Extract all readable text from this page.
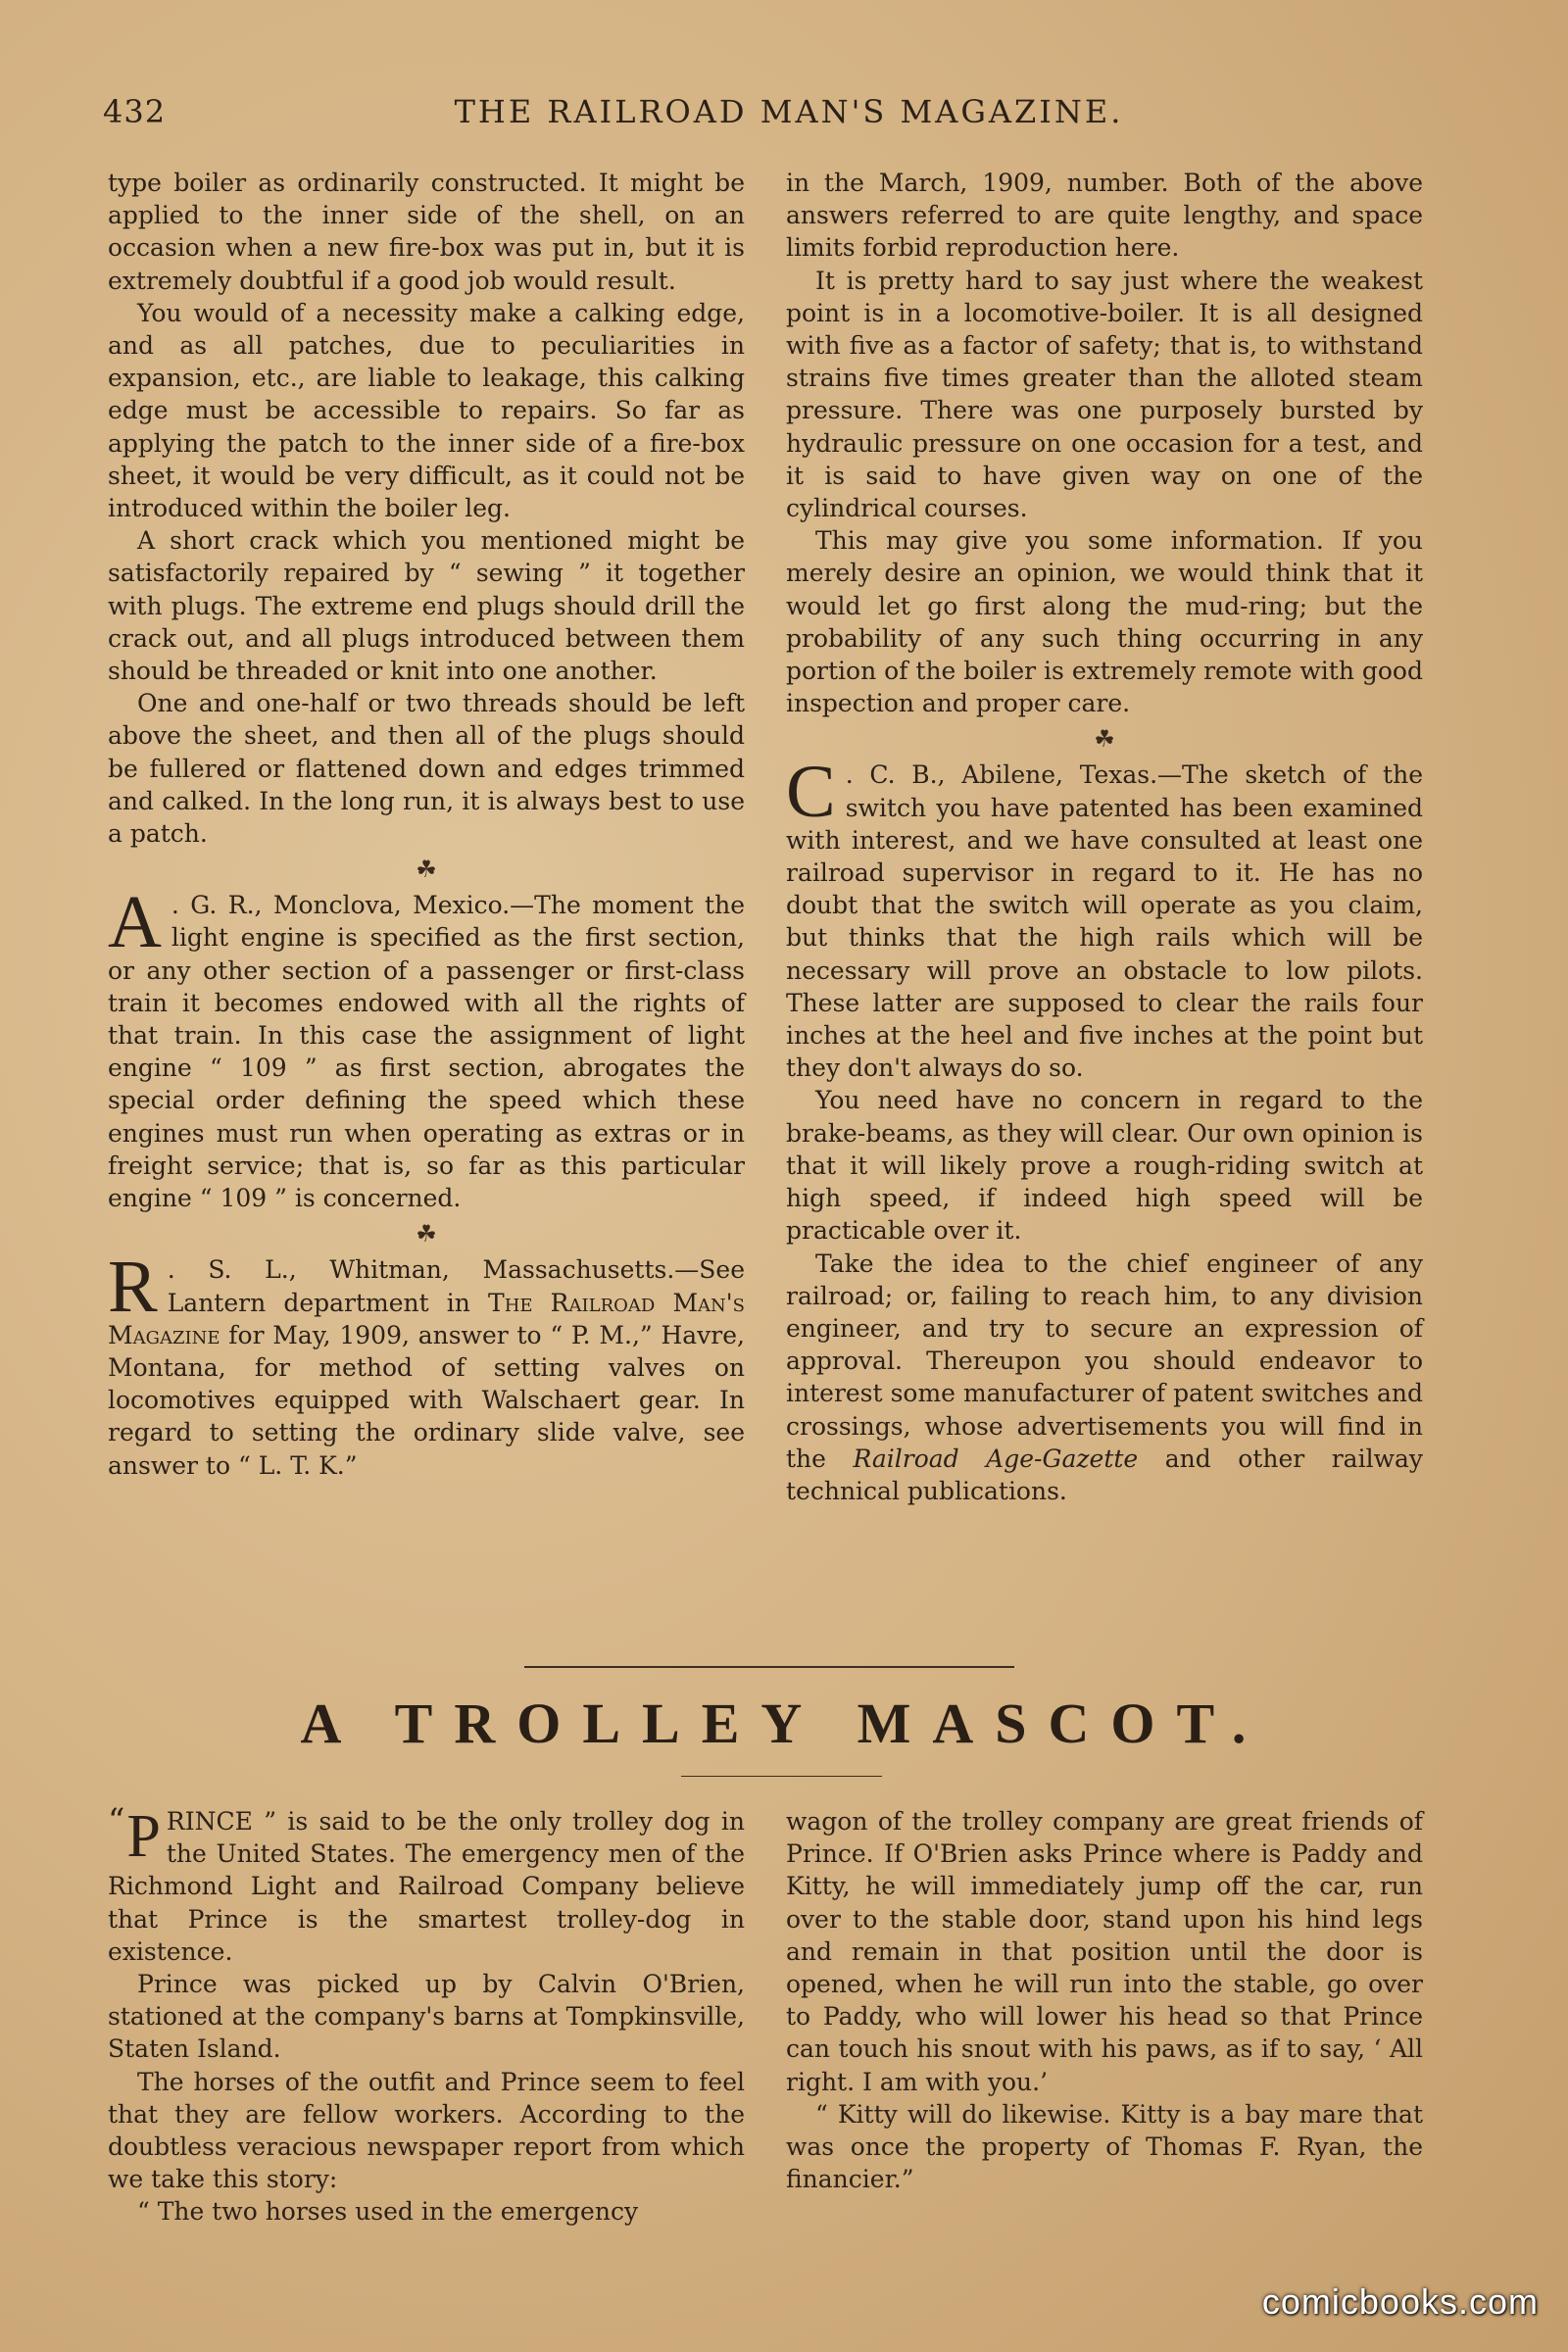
432	THE RAILROAD MAN'S MAGAZINE.

type boiler as ordinarily constructed. It might be applied to the inner side of the shell, on an occasion when a new fire-box was put in, but it is extremely doubtful if a good job would result.

You would of a necessity make a calking edge, and as all patches, due to peculiarities in expansion, etc., are liable to leakage, this calking edge must be accessible to repairs. So far as applying the patch to the inner side of a fire-box sheet, it would be very difficult, as it could not be introduced within the boiler leg.

A short crack which you mentioned might be satisfactorily repaired by “ sewing ” it together with plugs. The extreme end plugs should drill the crack out, and all plugs introduced between them should be threaded or knit into one another.

One and one-half or two threads should be left above the sheet, and then all of the plugs should be fullered or flattened down and edges trimmed and calked. In the long run, it is always best to use a patch.

☘

A . G. R., Monclova, Mexico.—The moment the light engine is specified as the first section, or any other section of a passenger or first-class train it becomes endowed with all the rights of that train. In this case the assignment of light engine “ 109 ” as first section, abrogates the special order defining the speed which these engines must run when operating as extras or in freight service; that is, so far as this particular engine “ 109 ” is concerned.

☘

R . S. L., Whitman, Massachusetts.—See Lantern department in The Railroad Man's Magazine for May, 1909, answer to “ P. M.,” Havre, Montana, for method of setting valves on locomotives equipped with Walschaert gear. In regard to setting the ordinary slide valve, see answer to “ L. T. K.”

in the March, 1909, number. Both of the above answers referred to are quite lengthy, and space limits forbid reproduction here.

It is pretty hard to say just where the weakest point is in a locomotive-boiler. It is all designed with five as a factor of safety; that is, to withstand strains five times greater than the alloted steam pressure. There was one purposely bursted by hydraulic pressure on one occasion for a test, and it is said to have given way on one of the cylindrical courses.

This may give you some information. If you merely desire an opinion, we would think that it would let go first along the mud-ring; but the probability of any such thing occurring in any portion of the boiler is extremely remote with good inspection and proper care.

☘

C . C. B., Abilene, Texas.—The sketch of the switch you have patented has been examined with interest, and we have consulted at least one railroad supervisor in regard to it. He has no doubt that the switch will operate as you claim, but thinks that the high rails which will be necessary will prove an obstacle to low pilots. These latter are supposed to clear the rails four inches at the heel and five inches at the point but they don't always do so.

You need have no concern in regard to the brake-beams, as they will clear. Our own opinion is that it will likely prove a rough-riding switch at high speed, if indeed high speed will be practicable over it.

Take the idea to the chief engineer of any railroad; or, failing to reach him, to any division engineer, and try to secure an expression of approval. Thereupon you should endeavor to interest some manufacturer of patent switches and crossings, whose advertisements you will find in the Railroad Age-Gazette and other railway technical publications.

A TROLLEY MASCOT.

“ P RINCE ” is said to be the only trolley dog in the United States. The emergency men of the Richmond Light and Railroad Company believe that Prince is the smartest trolley-dog in existence.

Prince was picked up by Calvin O'Brien, stationed at the company's barns at Tompkinsville, Staten Island.

The horses of the outfit and Prince seem to feel that they are fellow workers. According to the doubtless veracious newspaper report from which we take this story:

“ The two horses used in the emergency

wagon of the trolley company are great friends of Prince. If O'Brien asks Prince where is Paddy and Kitty, he will immediately jump off the car, run over to the stable door, stand upon his hind legs and remain in that position until the door is opened, when he will run into the stable, go over to Paddy, who will lower his head so that Prince can touch his snout with his paws, as if to say, ‘ All right. I am with you.’

“ Kitty will do likewise. Kitty is a bay mare that was once the property of Thomas F. Ryan, the financier.”

comicbooks.com
